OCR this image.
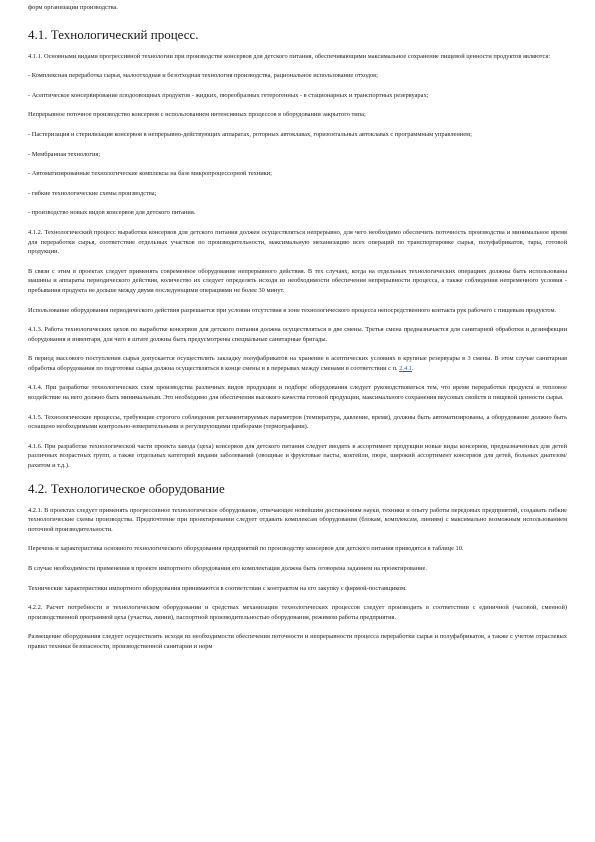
форм организации производства.

4.1. Технологический процесс.

4.1.1. Основными видами прогрессивной технологии при производстве консервов для детского питания, обеспечивающими максимальное сохранение пищевой ценности продуктов являются:

- Комплексная переработка сырья, малоотходная и безотходная технология производства, рациональное использование отходов;

- Асептическое консервирование плодоовощных продуктов - жидких, пюреобразных гетерогенных - в стационарных и транспортных резервуарах;

Непрерывное поточное производство консервов с использованием интенсивных процессов в оборудовании закрытого типа;

- Пастеризация и стерилизация консервов в непрерывно-действующих аппаратах, роторных автоклавах, горизонтальных автоклавах с программным управлением;

- Мембранная технология;

- Автоматизированные технологические комплексы на базе микропроцессорной техники;

- гибкие технологические схемы производства;

- производство новых видов консервов для детского питания.

4.1.2. Технологический процесс выработки консервов для детского питания должен осуществляться непрерывно, для чего необходимо обеспечить поточность производства и минимальное время для переработки сырья, соответствие отдельных участков по производительности, максимальную механизацию всех операций по транспортировке сырья, полуфабрикатов, тары, готовой продукции.

В связи с этим в проектах следует применять современное оборудование непрерывного действия. В тех случаях, когда на отдельных технологических операциях должны быть использованы машины и аппараты периодического действия, количество их следует определять исходя из необходимости обеспечения непрерывности процесса, а также соблюдения непременного условия - пребывания продукта не дольше между двумя последующими операциями не более 30 минут.

Использование оборудования периодического действия разрешается при условии отсутствия в зоне технологического процесса непосредственного контакта рук рабочего с пищевым продуктом.

4.1.3. Работа технологических цехов по выработке консервов для детского питания должна осуществляться в две смены. Третья смена предназначается для санитарной обработки и дезинфекции оборудования и инвентаря, для чего в штате должны быть предусмотрены специальные санитарные бригады.

В период массового поступления сырья допускается осуществлять закладку полуфабрикатов на хранение в асептических условиях в крупные резервуары в 3 смены. В этом случае санитарная обработка оборудования по подготовке сырья должна осуществляться в конце смены и в перерывах между сменами в соответствии с п. 2.4.1.

4.1.4. При разработке технологических схем производства различных видов продукции и подборе оборудования следует руководствоваться тем, что время переработки продукта и тепловое воздействие на него должно быть минимальным. Это необходимо для обеспечения высокого качества готовой продукции, максимального сохранения вкусовых свойств и пищевой ценности сырья.

4.1.5. Технологические процессы, требующие строгого соблюдения регламентируемых параметров (температура, давление, время), должны быть автоматизированы, а оборудование должно быть оснащено необходимыми контрольно-измерительными и регулирующими приборами (термографами).

4.1.6. При разработке технологической части проекта завода (цеха) консервов для детского питания следует вводить в ассортимент продукции новые виды консервов, предназначенных для детей различных возрастных групп, а также отдельных категорий видами заболеваний (овощные и фруктовые пасты, коктейли, пюре, широкий ассортимент консервов для детей, больных диатезом/рахитом и т.д.).

4.2. Технологическое оборудование

4.2.1. В проектах следует применять прогрессивное технологическое оборудование, отвечающее новейшим достижениям науки, техники и опыту работы передовых предприятий, создавать гибкие технологические схемы производства. Предпочтение при проектировании следует отдавать комплексам оборудования (блокам, комплексам, линиям) с максимально возможным использованием поточной производительности.

Перечень и характеристика основного технологического оборудования предприятий по производству консервов для детского питания приводятся в таблице 10.

В случае необходимости применения в проекте импортного оборудования его комплектация должна быть оговорена заданием на проектирование.

Технические характеристики импортного оборудования принимаются в соответствии с контрактом на его закупку с фирмой-поставщиком.

4.2.2. Расчет потребности в технологическом оборудовании и средствах механизации технологических процессов следует производить в соответствии с единичной (часовой, сменной) производственной программой цеха (участка, линии), паспортной производительностью оборудования, режимом работы предприятия.

Размещение оборудования следует осуществлять исходя из необходимости обеспечения поточности и непрерывности процесса переработки сырья и полуфабрикатов, а также с учетом отраслевых правил техники безопасности, производственной санитарии и норм
